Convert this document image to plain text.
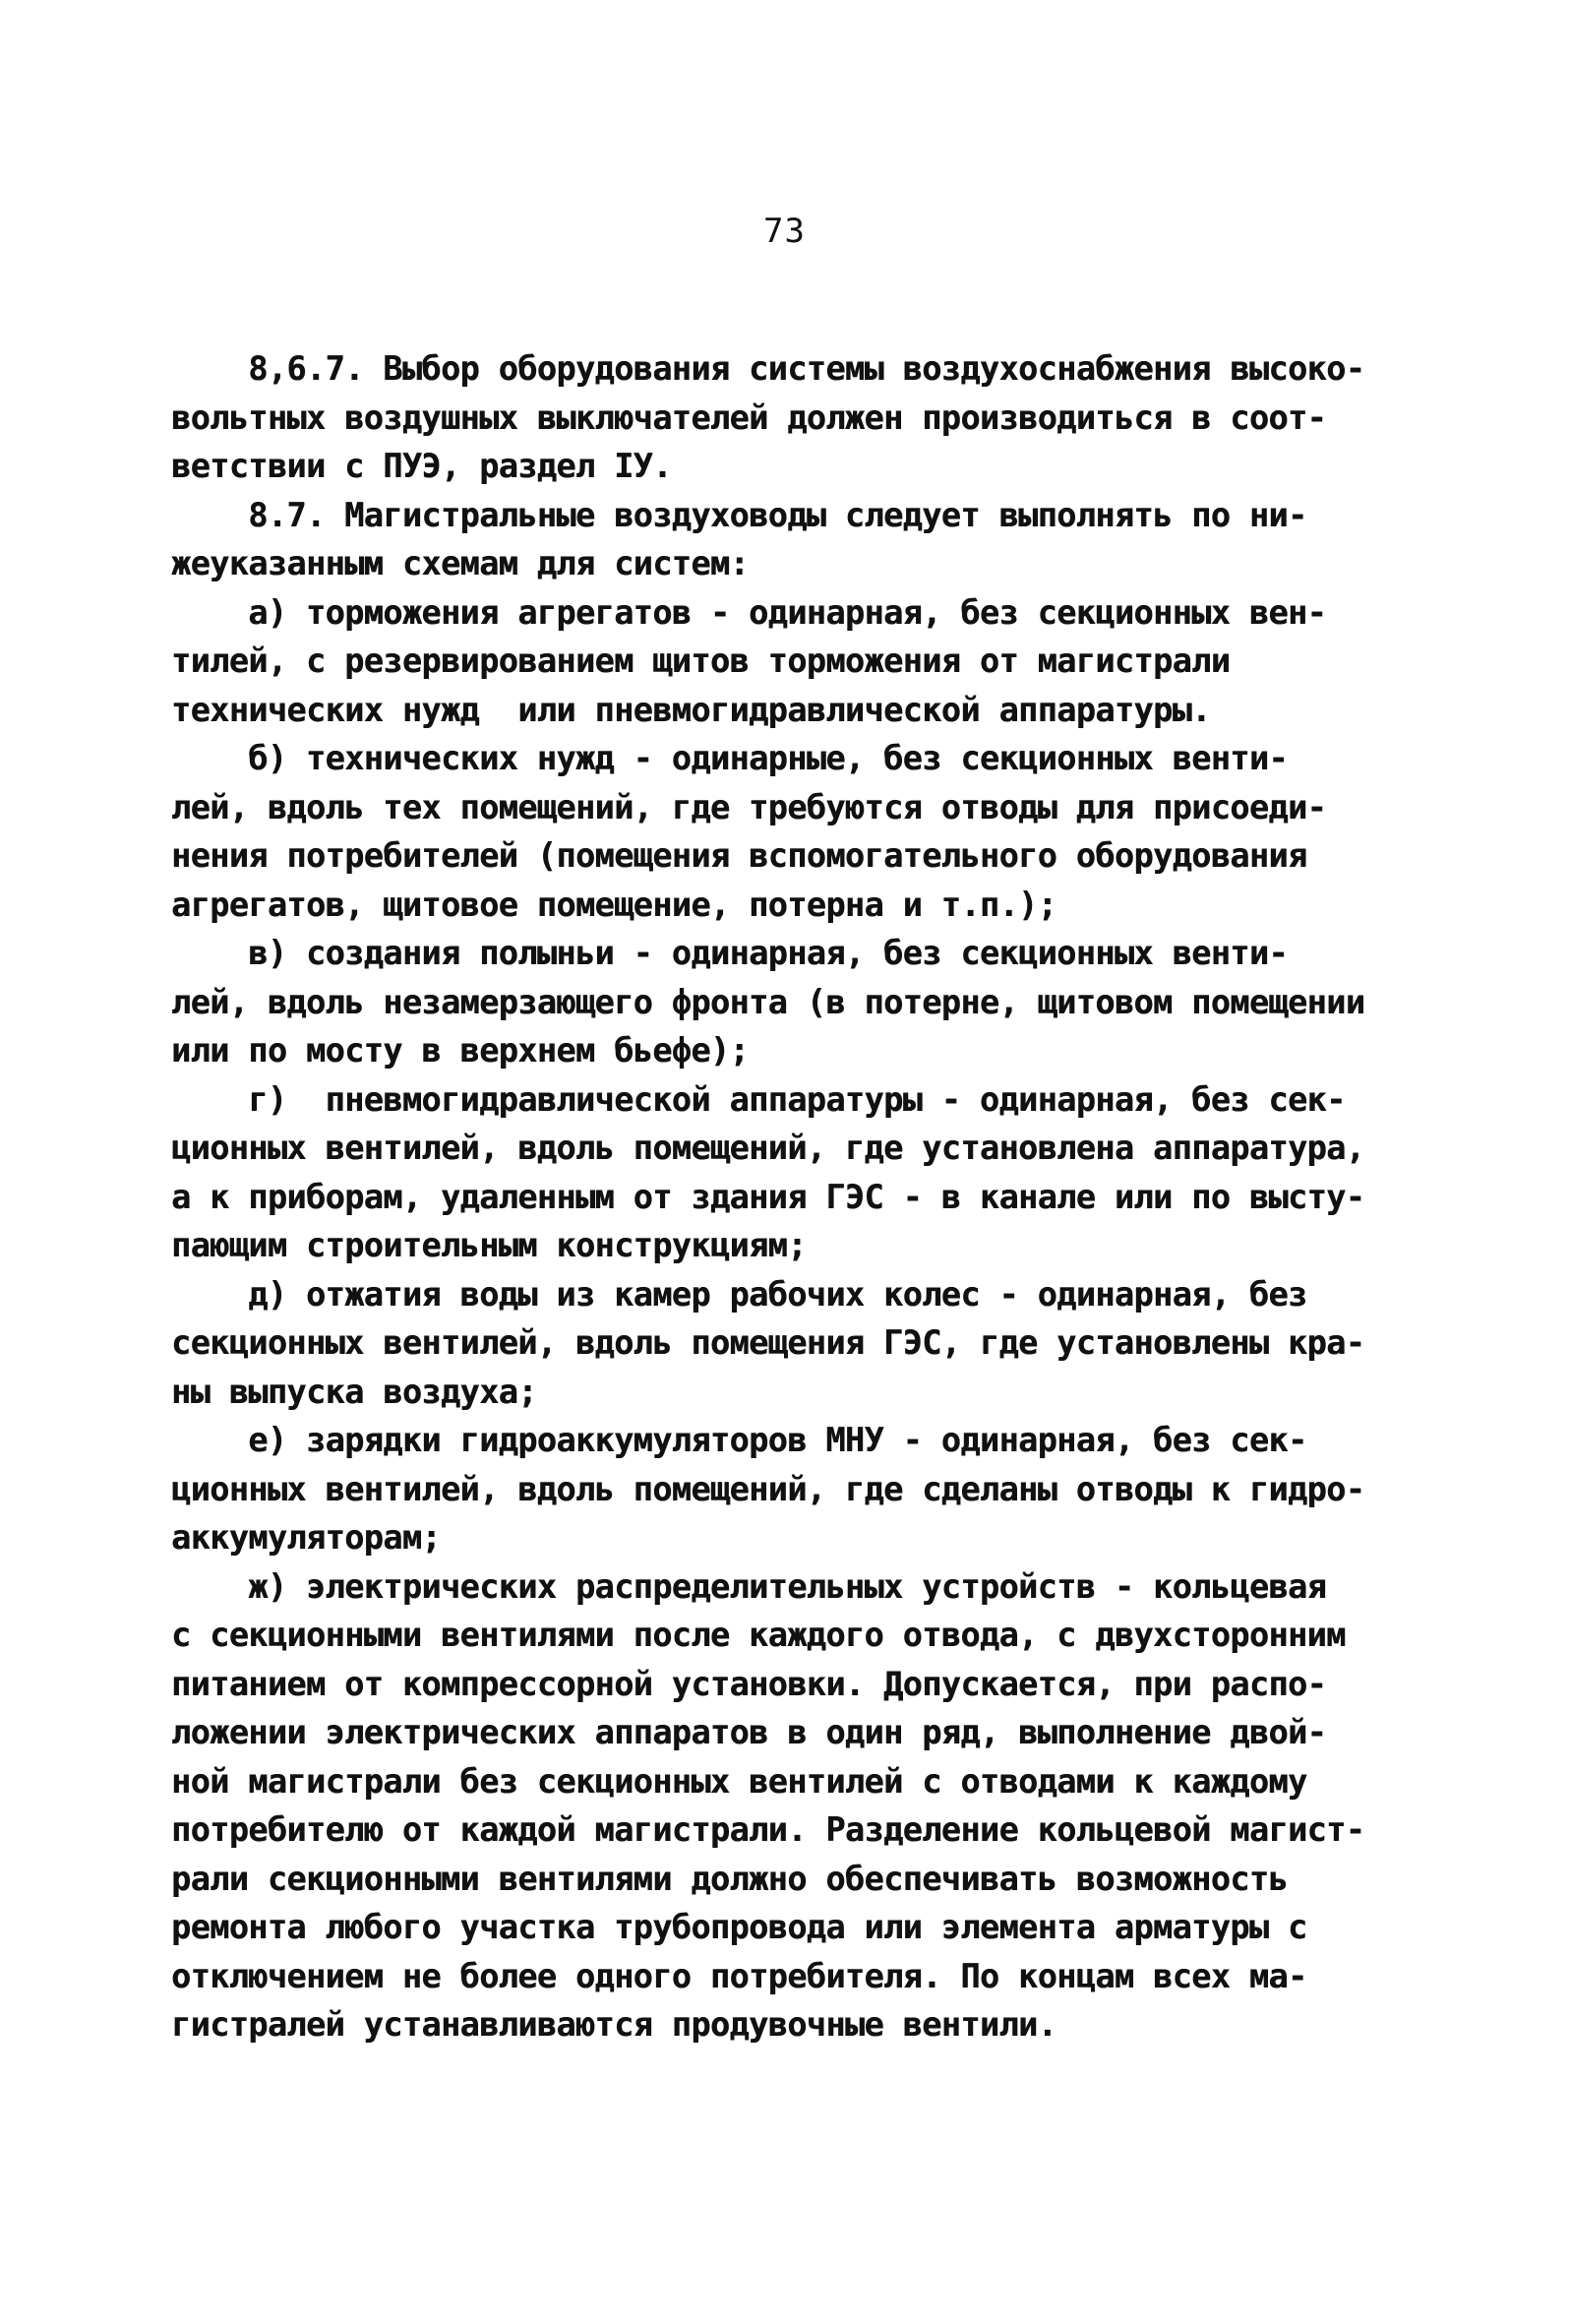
73
8,6.7. Выбор оборудования системы воздухоснабжения высоко-
вольтных воздушных выключателей должен производиться в соот-
ветствии с ПУЭ, раздел IУ.
8.7. Магистральные воздуховоды следует выполнять по ни-
жеуказанным схемам для систем:
а) торможения агрегатов - одинарная, без секционных вен-
тилей, с резервированием щитов торможения от магистрали
технических нужд  или пневмогидравлической аппаратуры.
б) технических нужд - одинарные, без секционных венти-
лей, вдоль тех помещений, где требуются отводы для присоеди-
нения потребителей (помещения вспомогательного оборудования
агрегатов, щитовое помещение, потерна и т.п.);
в) создания полыньи - одинарная, без секционных венти-
лей, вдоль незамерзающего фронта (в потерне, щитовом помещении
или по мосту в верхнем бьефе);
г)  пневмогидравлической аппаратуры - одинарная, без сек-
ционных вентилей, вдоль помещений, где установлена аппаратура,
а к приборам, удаленным от здания ГЭС - в канале или по высту-
пающим строительным конструкциям;
д) отжатия воды из камер рабочих колес - одинарная, без
секционных вентилей, вдоль помещения ГЭС, где установлены кра-
ны выпуска воздуха;
е) зарядки гидроаккумуляторов МНУ - одинарная, без сек-
ционных вентилей, вдоль помещений, где сделаны отводы к гидро-
аккумуляторам;
ж) электрических распределительных устройств - кольцевая
с секционными вентилями после каждого отвода, с двухсторонним
питанием от компрессорной установки. Допускается, при распо-
ложении электрических аппаратов в один ряд, выполнение двой-
ной магистрали без секционных вентилей с отводами к каждому
потребителю от каждой магистрали. Разделение кольцевой магист-
рали секционными вентилями должно обеспечивать возможность
ремонта любого участка трубопровода или элемента арматуры с
отключением не более одного потребителя. По концам всех ма-
гистралей устанавливаются продувочные вентили.
